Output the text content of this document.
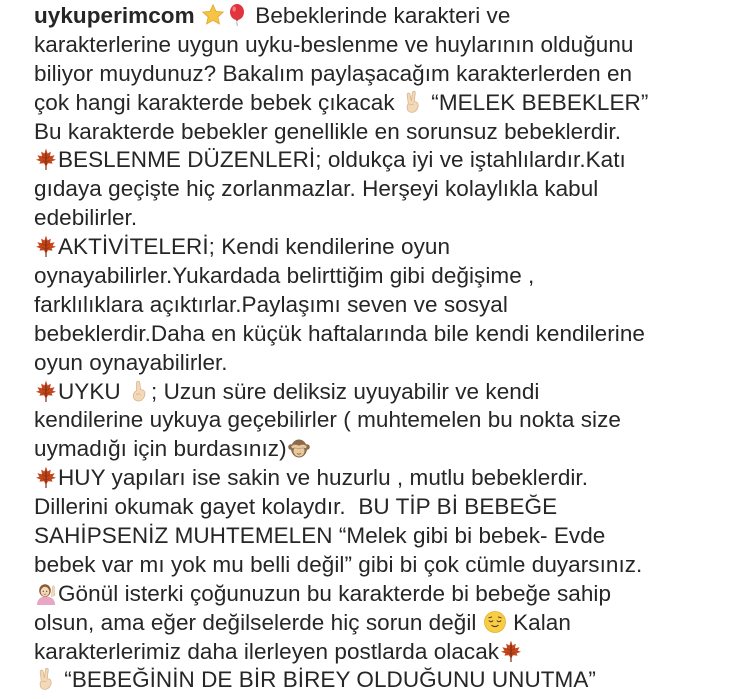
uykuperimcom
Bebeklerinde karakteri ve
karakterlerine uygun uyku-beslenme ve huylarının olduğunu
biliyor muydunuz? Bakalım paylaşacağım karakterlerden en
çok hangi karakterde bebek çıkacak
“MELEK BEBEKLER”
Bu karakterde bebekler genellikle en sorunsuz bebeklerdir.
BESLENME DÜZENLERİ; oldukça iyi ve iştahlılardır.Katı
gıdaya geçişte hiç zorlanmazlar. Herşeyi kolaylıkla kabul
edebilirler.
AKTİVİTELERİ; Kendi kendilerine oyun
oynayabilirler.Yukardada belirttiğim gibi değişime ,
farklılıklara açıktırlar.Paylaşımı seven ve sosyal
bebeklerdir.Daha en küçük haftalarında bile kendi kendilerine
oyun oynayabilirler.
UYKU
; Uzun süre deliksiz uyuyabilir ve kendi
kendilerine uykuya geçebilirler ( muhtemelen bu nokta size
uymadığı için burdasınız)
HUY yapıları ise sakin ve huzurlu , mutlu bebeklerdir.
Dillerini okumak gayet kolaydır.  BU TİP Bİ BEBEĞE
SAHİPSENİZ MUHTEMELEN “Melek gibi bi bebek- Evde
bebek var mı yok mu belli değil” gibi bi çok cümle duyarsınız.
Gönül isterki çoğunuzun bu karakterde bi bebeğe sahip
olsun, ama eğer değilselerde hiç sorun değil
Kalan
karakterlerimiz daha ilerleyen postlarda olacak
“BEBEĞİNİN DE BİR BİREY OLDUĞUNU UNUTMA”
